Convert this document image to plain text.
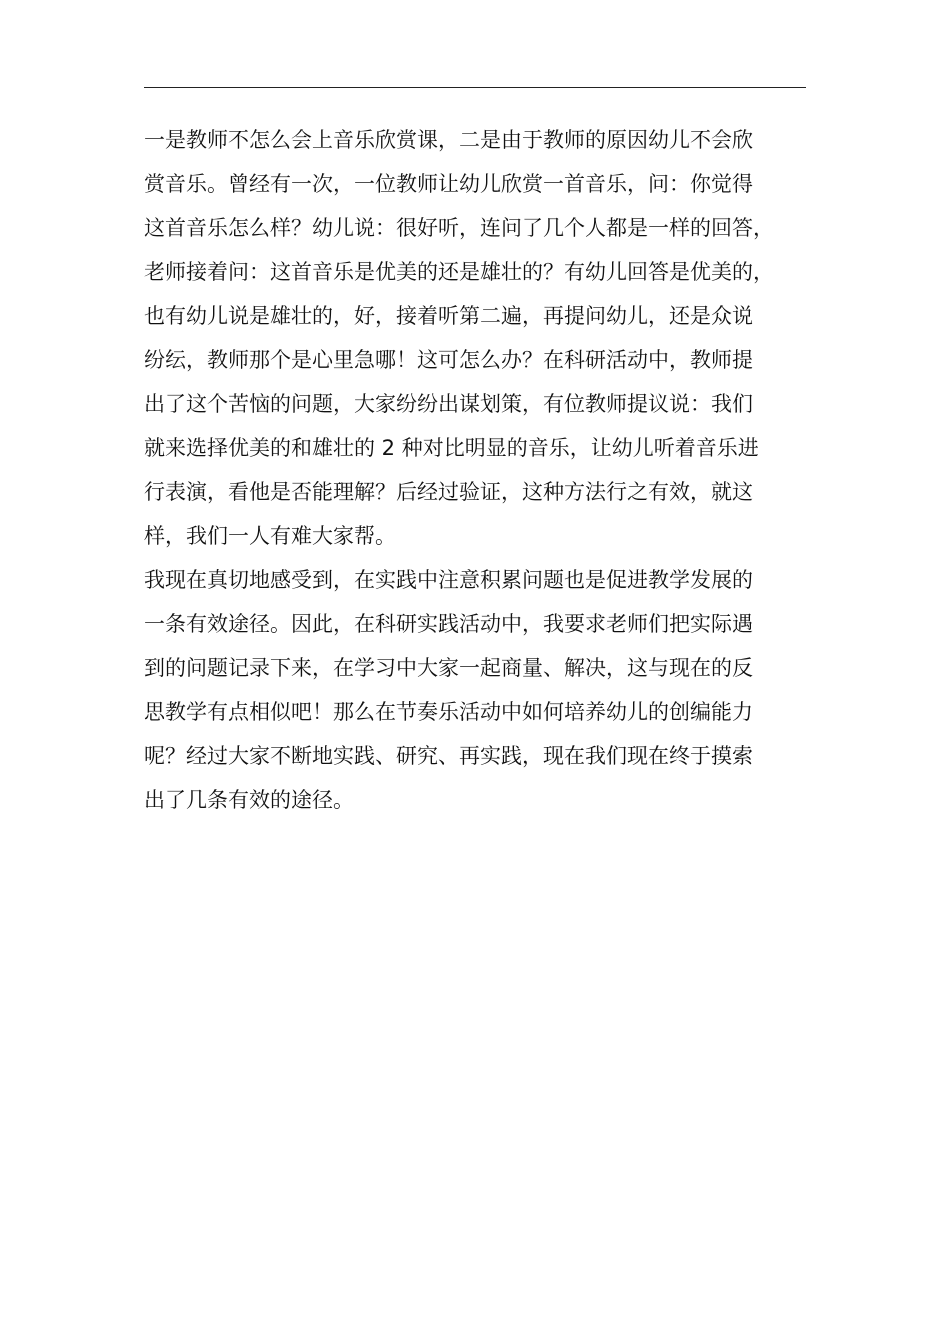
一是教师不怎么会上音乐欣赏课，二是由于教师的原因幼儿不会欣
赏音乐。曾经有一次，一位教师让幼儿欣赏一首音乐，问：你觉得
这首音乐怎么样？幼儿说：很好听，连问了几个人都是一样的回答，
老师接着问：这首音乐是优美的还是雄壮的？有幼儿回答是优美的，
也有幼儿说是雄壮的，好，接着听第二遍，再提问幼儿，还是众说
纷纭，教师那个是心里急哪！这可怎么办？在科研活动中，教师提
出了这个苦恼的问题，大家纷纷出谋划策，有位教师提议说：我们
就来选择优美的和雄壮的 2 种对比明显的音乐，让幼儿听着音乐进
行表演，看他是否能理解？后经过验证，这种方法行之有效，就这
样，我们一人有难大家帮。
我现在真切地感受到，在实践中注意积累问题也是促进教学发展的
一条有效途径。因此，在科研实践活动中，我要求老师们把实际遇
到的问题记录下来，在学习中大家一起商量、解决，这与现在的反
思教学有点相似吧！那么在节奏乐活动中如何培养幼儿的创编能力
呢？经过大家不断地实践、研究、再实践，现在我们现在终于摸索
出了几条有效的途径。
